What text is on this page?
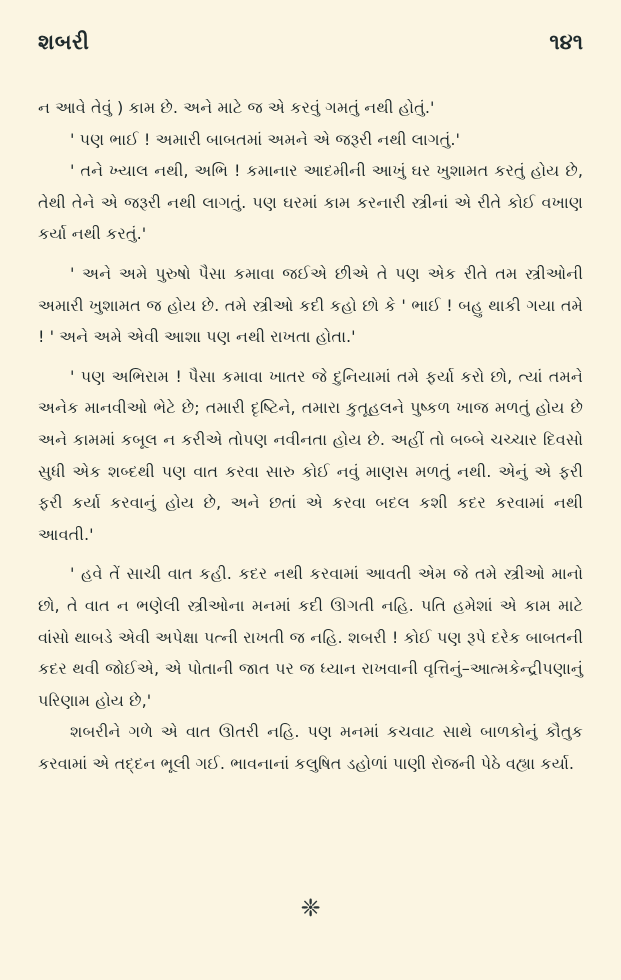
શબરી	૧૪૧

ન આવે તેવું ) કામ છે. અને માટે જ એ કરવું ગમતું નથી હોતું.'

' પણ ભાઈ ! અમારી બાબતમાં અમને એ જરૂરી નથી લાગતું.'

' તને ખ્યાલ નથી, અભિ ! કમાનાર આદમીની આખું ઘર ખુશામત કરતું હોય છે, તેથી તેને એ જરૂરી નથી લાગતું. પણ ઘરમાં કામ કરનારી સ્ત્રીનાં એ રીતે કોઈ વખાણ કર્યા નથી કરતું.'

' અને અમે પુરુષો પૈસા કમાવા જઈએ છીએ તે પણ એક રીતે તમ સ્ત્રીઓની અમારી ખુશામત જ હોય છે. તમે સ્ત્રીઓ કદી કહો છો કે ' ભાઈ ! બહુ થાકી ગયા તમે ! ' અને અમે એવી આશા પણ નથી રાખતા હોતા.'

' પણ અભિરામ ! પૈસા કમાવા ખાતર જે દુનિયામાં તમે ફર્યા કરો છો, ત્યાં તમને અનેક માનવીઓ ભેટે છે; તમારી દૃષ્ટિને, તમારા કુતૂહલને પુષ્કળ ખાજ મળતું હોય છે અને કામમાં કબૂલ ન કરીએ તોપણ નવીનતા હોય છે. અહીં તો બબ્બે ચચ્ચાર દિવસો સુધી એક શબ્દથી પણ વાત કરવા સારુ કોઈ નવું માણસ મળતું નથી. એનું એ ફરી ફરી કર્યા કરવાનું હોય છે, અને છતાં એ કરવા બદલ કશી કદર કરવામાં નથી આવતી.'

' હવે તેં સાચી વાત કહી. કદર નથી કરવામાં આવતી એમ જે તમે સ્ત્રીઓ માનો છો, તે વાત ન ભણેલી સ્ત્રીઓના મનમાં કદી ઊગતી નહિ. પતિ હમેશાં એ કામ માટે વાંસો થાબડે એવી અપેક્ષા પત્ની રાખતી જ નહિ. શબરી ! કોઈ પણ રૂપે દરેક બાબતની કદર થવી જોઈએ, એ પોતાની જાત પર જ ધ્યાન રાખવાની વૃત્તિનું–આત્મકેન્દ્રીપણાનું પરિણામ હોય છે,'

શબરીને ગળે એ વાત ઊતરી નહિ. પણ મનમાં કચવાટ સાથે બાળકોનું કૌતુક કરવામાં એ તદ્દન ભૂલી ગઈ. ભાવનાનાં કલુષિત ડહોળાં પાણી રોજની પેઠે વહ્યા કર્યા.

❈
